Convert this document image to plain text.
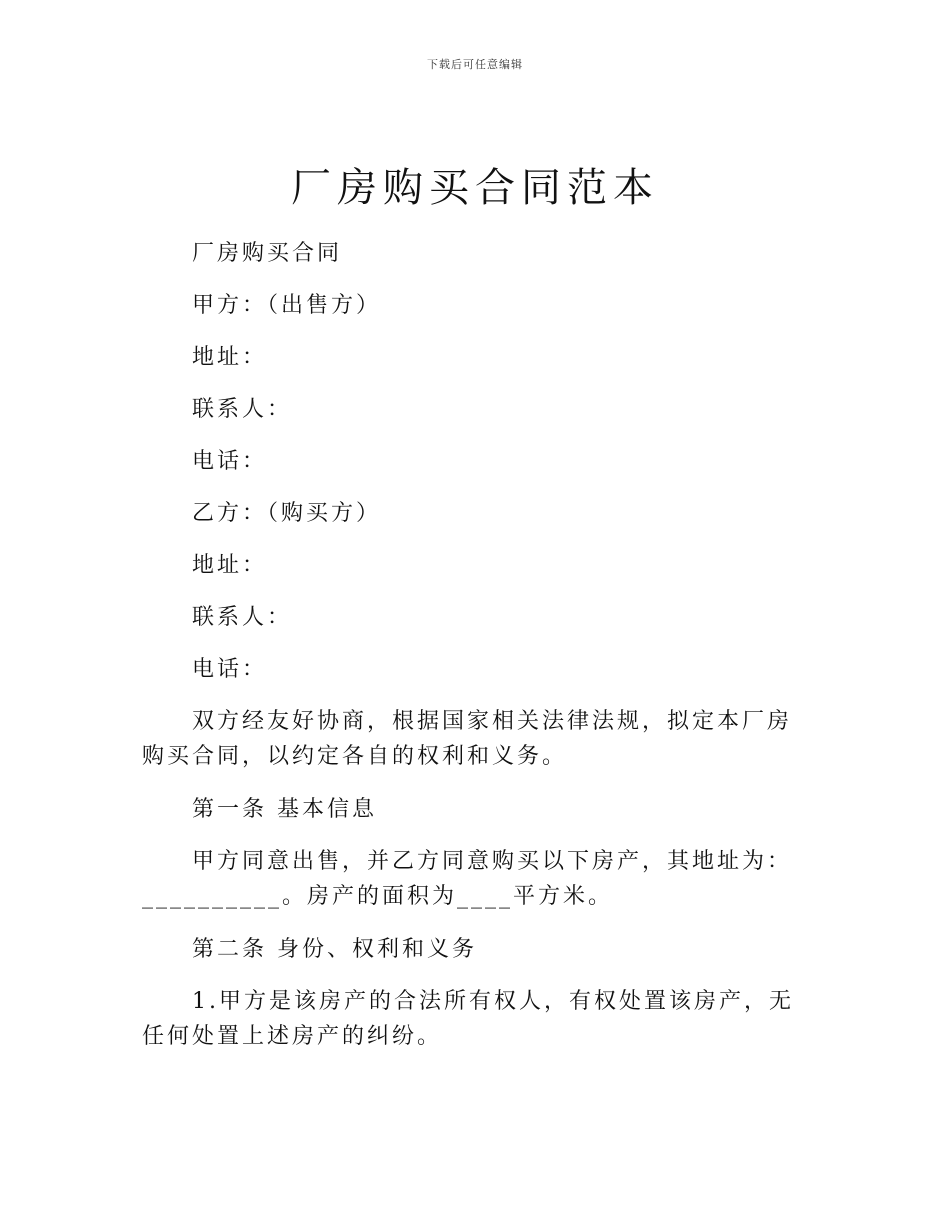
下载后可任意编辑
厂房购买合同范本

厂房购买合同

甲方：（出售方）

地址：

联系人：

电话：

乙方：（购买方）

地址：

联系人：

电话：

双方经友好协商，根据国家相关法律法规，拟定本厂房购买合同，以约定各自的权利和义务。

第一条 基本信息

甲方同意出售，并乙方同意购买以下房产，其地址为：__________。房产的面积为____平方米。

第二条 身份、权利和义务

1.甲方是该房产的合法所有权人，有权处置该房产，无任何处置上述房产的纠纷。
